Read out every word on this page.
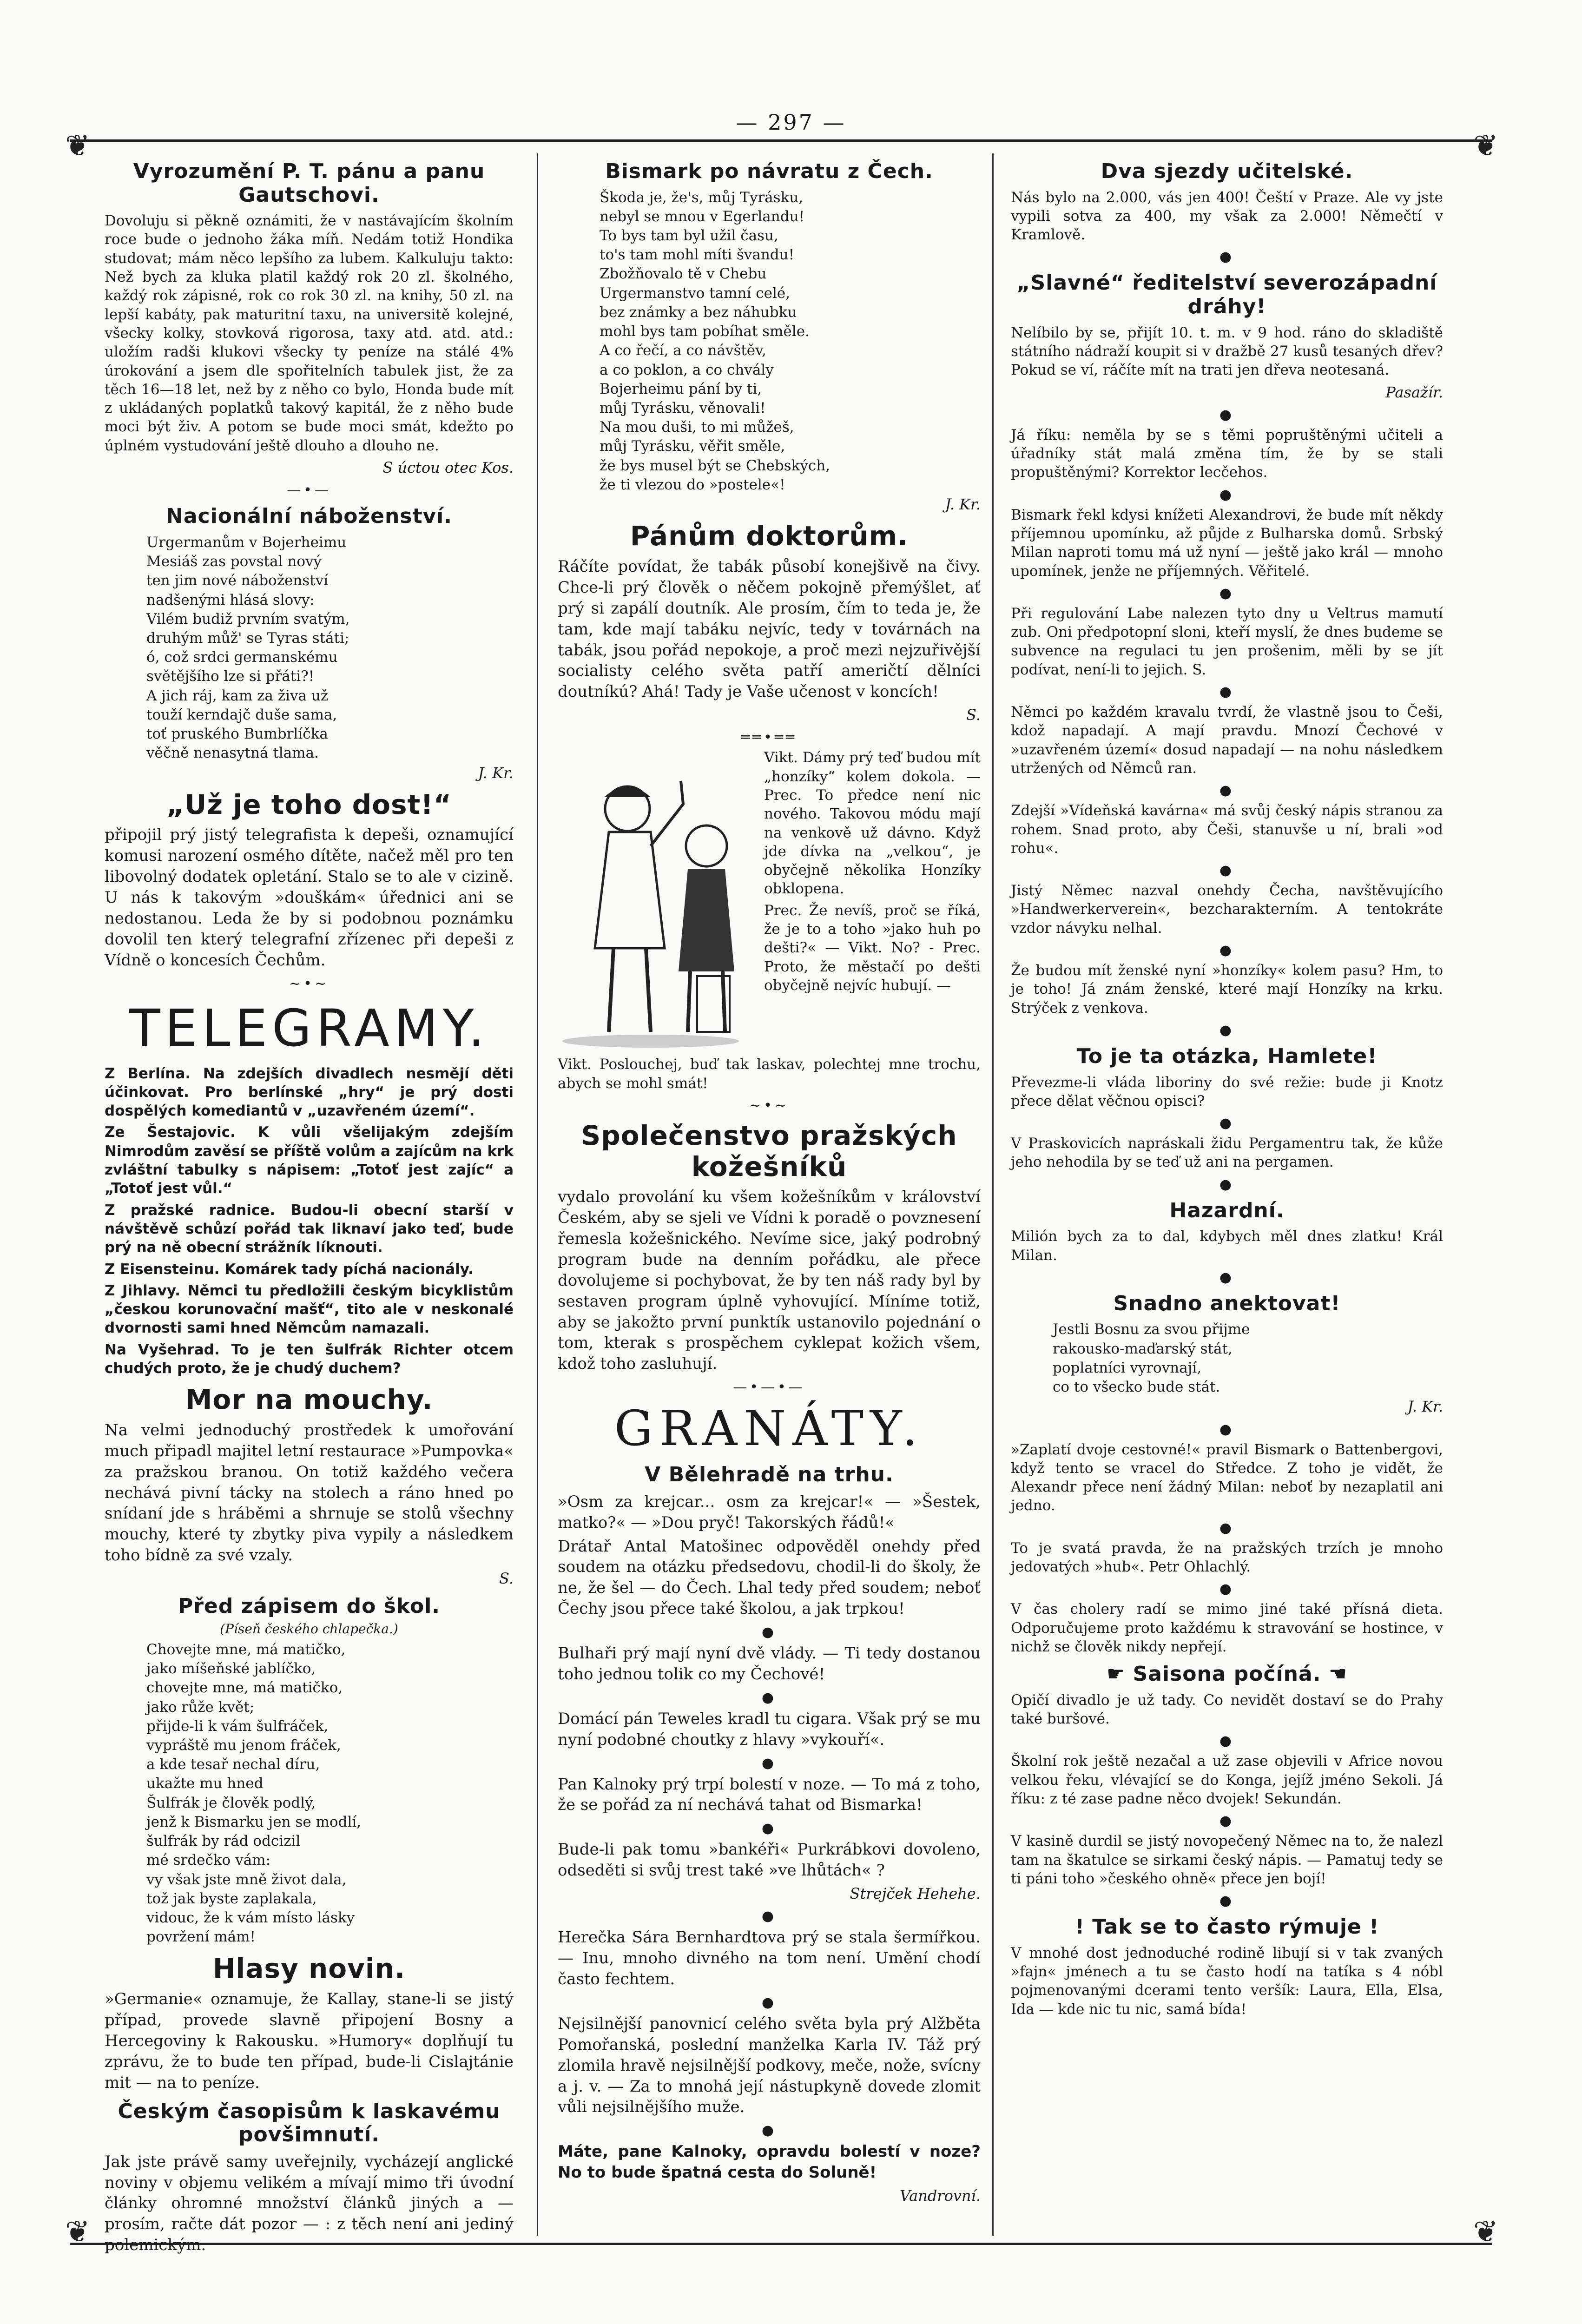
— 297 —
❦	❦
❦	❦
Vyrozumění P. T. pánu a panu Gautschovi.

Dovoluju si pěkně oznámiti, že v nastávajícím školním roce bude o jednoho žáka míň. Nedám totiž Hondika studovat; mám něco lepšího za lubem. Kalkuluju takto: Než bych za kluka platil každý rok 20 zl. školného, každý rok zápisné, rok co rok 30 zl. na knihy, 50 zl. na lepší kabáty, pak maturitní taxu, na universitě kolejné, všecky kolky, stovková rigorosa, taxy atd. atd. atd.: uložím radši klukovi všecky ty peníze na stálé 4% úrokování a jsem dle spořitelních tabulek jist, že za těch 16—18 let, než by z něho co bylo, Honda bude mít z ukládaných poplatků takový kapitál, že z něho bude moci být živ. A potom se bude moci smát, kdežto po úplném vystudování ještě dlouho a dlouho ne.

S úctou otec Kos.

—•—
Nacionální náboženství.
Urgermanům v Bojerheimu
Mesiáš zas povstal nový
ten jim nové náboženství
nadšenými hlásá slovy:
Vilém budiž prvním svatým,
druhým můž' se Tyras státi;
ó, což srdci germanskému
světějšího lze si přáti?!
A jich ráj, kam za živa už
touží kerndajč duše sama,
toť pruského Bumbrlíčka
věčně nenasytná tlama.

J. Kr.

„Už je toho dost!“

připojil prý jistý telegrafista k depeši, oznamující komusi narození osmého dítěte, načež měl pro ten libovolný dodatek opletání. Stalo se to ale v cizině. U nás k takovým »douškám« úřednici ani se nedostanou. Leda že by si podobnou poznámku dovolil ten který telegrafní zřízenec při depeši z Vídně o koncesích Čechům.

~•~
TELEGRAMY.

Z Berlína. Na zdejších divadlech nesmějí děti účinkovat. Pro berlínské „hry“ je prý dosti dospělých komediantů v „uzavřeném území“.

Ze Šestajovic. K vůli všelijakým zdejším Nimrodům zavěsí se příště volům a zajícům na krk zvláštní tabulky s nápisem: „Totoť jest zajíc“ a „Totoť jest vůl.“

Z pražské radnice. Budou-li obecní starší v návštěvě schůzí pořád tak liknaví jako teď, bude prý na ně obecní strážník líknouti.

Z Eisensteinu. Komárek tady píchá nacionály.

Z Jihlavy. Němci tu předložili českým bicyklistům „českou korunovační mašť“, tito ale v neskonalé dvornosti sami hned Němcům namazali.

Na Vyšehrad. To je ten šulfrák Richter otcem chudých proto, že je chudý duchem?

Mor na mouchy.

Na velmi jednoduchý prostředek k umořování much připadl majitel letní restaurace »Pumpovka« za pražskou branou. On totiž každého večera nechává pivní tácky na stolech a ráno hned po snídaní jde s hráběmi a shrnuje se stolů všechny mouchy, které ty zbytky piva vypily a následkem toho bídně za své vzaly.

S.

Před zápisem do škol.
(Píseň českého chlapečka.)
Chovejte mne, má matičko,
jako míšeňské jablíčko,
chovejte mne, má matičko,
jako růže květ;
přijde-li k vám šulfráček,
vypráště mu jenom fráček,
a kde tesař nechal díru,
ukažte mu hned
Šulfrák je člověk podlý,
jenž k Bismarku jen se modlí,
šulfrák by rád odcizil
mé srdečko vám:
vy však jste mně život dala,
tož jak byste zaplakala,
vidouc, že k vám místo lásky
povržení mám!
Hlasy novin.

»Germanie« oznamuje, že Kallay, stane-li se jistý případ, provede slavně připojení Bosny a Hercegoviny k Rakousku. »Humory« doplňují tu zprávu, že to bude ten případ, bude-li Cislajtánie mit — na to peníze.

Českým časopisům k laskavému povšimnutí.

Jak jste právě samy uveřejnily, vycházejí anglické noviny v objemu velikém a mívají mimo tři úvodní články ohromné množství článků jiných a — prosím, račte dát pozor — : z těch není ani jediný polemickým.

Bismark po návratu z Čech.
Škoda je, že's, můj Tyrásku,
nebyl se mnou v Egerlandu!
To bys tam byl užil času,
to's tam mohl míti švandu!
Zbožňovalo tě v Chebu
Urgermanstvo tamní celé,
bez známky a bez náhubku
mohl bys tam pobíhat směle.
A co řečí, a co návštěv,
a co poklon, a co chvály
Bojerheimu pání by ti,
můj Tyrásku, věnovali!
Na mou duši, to mi můžeš,
můj Tyrásku, věřit směle,
že bys musel být se Chebských,
že ti vlezou do »postele«!

J. Kr.

Pánům doktorům.

Ráčíte povídat, že tabák působí konejšivě na čivy. Chce-li prý člověk o něčem pokojně přemýšlet, ať prý si zapálí doutník. Ale prosím, čím to teda je, že tam, kde mají tabáku nejvíc, tedy v továrnách na tabák, jsou pořád nepokoje, a proč mezi nejzuřivější socialisty celého světa patří američtí dělníci doutníkú? Ahá! Tady je Vaše učenost v koncích!

S.

══•══

Vikt. Dámy prý teď budou mít „honzíky“ kolem dokola. — Prec. To předce není nic nového. Takovou módu mají na venkově už dávno. Když jde dívka na „velkou“, je obyčejně několika Honzíky obklopena.

Prec. Že nevíš, proč se říká, že je to a toho »jako huh po dešti?« — Vikt. No? - Prec. Proto, že městačí po dešti obyčejně nejvíc hubují. —

Vikt. Poslouchej, buď tak laskav, polechtej mne trochu, abych se mohl smát!

~•~
Společenstvo pražských kožešníků

vydalo provolání ku všem kožešníkům v království Českém, aby se sjeli ve Vídni k poradě o povznesení řemesla kožešnického. Nevíme sice, jaký podrobný program bude na denním pořádku, ale přece dovolujeme si pochybovat, že by ten náš rady byl by sestaven program úplně vyhovující. Míníme totiž, aby se jakožto první punktík ustanovilo pojednání o tom, kterak s prospěchem cyklepat kožich všem, kdož toho zasluhují.

—•—•—
GRANÁTY.
V Bělehradě na trhu.

»Osm za krejcar... osm za krejcar!« — »Šestek, matko?« — »Dou pryč! Takorských řádů!«

Drátař Antal Matošinec odpověděl onehdy před soudem na otázku předsedovu, chodil-li do školy, že ne, že šel — do Čech. Lhal tedy před soudem; neboť Čechy jsou přece také školou, a jak trpkou!

●

Bulhaři prý mají nyní dvě vlády. — Ti tedy dostanou toho jednou tolik co my Čechové!

●

Domácí pán Teweles kradl tu cigara. Však prý se mu nyní podobné choutky z hlavy »vykouří«.

●

Pan Kalnoky prý trpí bolestí v noze. — To má z toho, že se pořád za ní nechává tahat od Bismarka!

●

Bude-li pak tomu »bankéři« Purkrábkovi dovoleno, odseděti si svůj trest také »ve lhůtách« ?

Strejček Hehehe.

●

Herečka Sára Bernhardtova prý se stala šermířkou. — Inu, mnoho divného na tom není. Umění chodí často fechtem.

●

Nejsilnější panovnicí celého světa byla prý Alžběta Pomořanská, poslední manželka Karla IV. Táž prý zlomila hravě nejsilnější podkovy, meče, nože, svícny a j. v. — Za to mnohá její nástupkyně dovede zlomit vůli nejsilnějšího muže.

●

Máte, pane Kalnoky, opravdu bolestí v noze? No to bude špatná cesta do Soluně!

Vandrovní.

Dva sjezdy učitelské.

Nás bylo na 2.000, vás jen 400! Čeští v Praze. Ale vy jste vypili sotva za 400, my však za 2.000! Němečtí v Kramlově.

●
„Slavné“ ředitelství severozápadní dráhy!

Nelíbilo by se, přijít 10. t. m. v 9 hod. ráno do skladiště státního nádraží koupit si v dražbě 27 kusů tesaných dřev? Pokud se ví, ráčíte mít na trati jen dřeva neotesaná.

Pasažír.

●

Já říku: neměla by se s těmi popruštěnými učiteli a úřadníky stát malá změna tím, že by se stali propuštěnými? Korrektor lecčehos.

●

Bismark řekl kdysi knížeti Alexandrovi, že bude mít někdy příjemnou upomínku, až půjde z Bulharska domů. Srbský Milan naproti tomu má už nyní — ještě jako král — mnoho upomínek, jenže ne příjemných. Věřitelé.

●

Při regulování Labe nalezen tyto dny u Veltrus mamutí zub. Oni předpotopní sloni, kteří myslí, že dnes budeme se subvence na regulaci tu jen prošenim, měli by se jít podívat, není-li to jejich. S.

●

Němci po každém kravalu tvrdí, že vlastně jsou to Češi, kdož napadají. A mají pravdu. Mnozí Čechové v »uzavřeném území« dosud napadají — na nohu následkem utržených od Němců ran.

●

Zdejší »Vídeňská kavárna« má svůj český nápis stranou za rohem. Snad proto, aby Češi, stanuvše u ní, brali »od rohu«.

●

Jistý Němec nazval onehdy Čecha, navštěvujícího »Handwerkerverein«, bezcharakterním. A tentokráte vzdor návyku nelhal.

●

Že budou mít ženské nyní »honzíky« kolem pasu? Hm, to je toho! Já znám ženské, které mají Honzíky na krku. Strýček z venkova.

●
To je ta otázka, Hamlete!

Převezme-li vláda liboriny do své režie: bude ji Knotz přece dělat věčnou opisci?

●

V Praskovicích napráskali židu Pergamentru tak, že kůže jeho nehodila by se teď už ani na pergamen.

●
Hazardní.

Milión bych za to dal, kdybych měl dnes zlatku! Král Milan.

●
Snadno anektovat!
Jestli Bosnu za svou přijme
rakousko-maďarský stát,
poplatníci vyrovnají,
co to všecko bude stát.

J. Kr.

●

»Zaplatí dvoje cestovné!« pravil Bismark o Battenbergovi, když tento se vracel do Středce. Z toho je vidět, že Alexandr přece není žádný Milan: neboť by nezaplatil ani jedno.

●

To je svatá pravda, že na pražských trzích je mnoho jedovatých »hub«. Petr Ohlachlý.

●

V čas cholery radí se mimo jiné také přísná dieta. Odporučujeme proto každému k stravování se hostince, v nichž se člověk nikdy nepřejí.

☛ Saisona počíná. ☚

Opičí divadlo je už tady. Co nevidět dostaví se do Prahy také buršové.

●

Školní rok ještě nezačal a už zase objevili v Africe novou velkou řeku, vlévající se do Konga, jejíž jméno Sekoli. Já říku: z té zase padne něco dvojek! Sekundán.

●

V kasině durdil se jistý novopečený Němec na to, že nalezl tam na škatulce se sirkami český nápis. — Pamatuj tedy se ti páni toho »českého ohně« přece jen bojí!

●
! Tak se to často rýmuje !

V mnohé dost jednoduché rodině libují si v tak zvaných »fajn« jménech a tu se často hodí na tatíka s 4 nóbl pojmenovanými dcerami tento veršík: Laura, Ella, Elsa, Ida — kde nic tu nic, samá bída!
